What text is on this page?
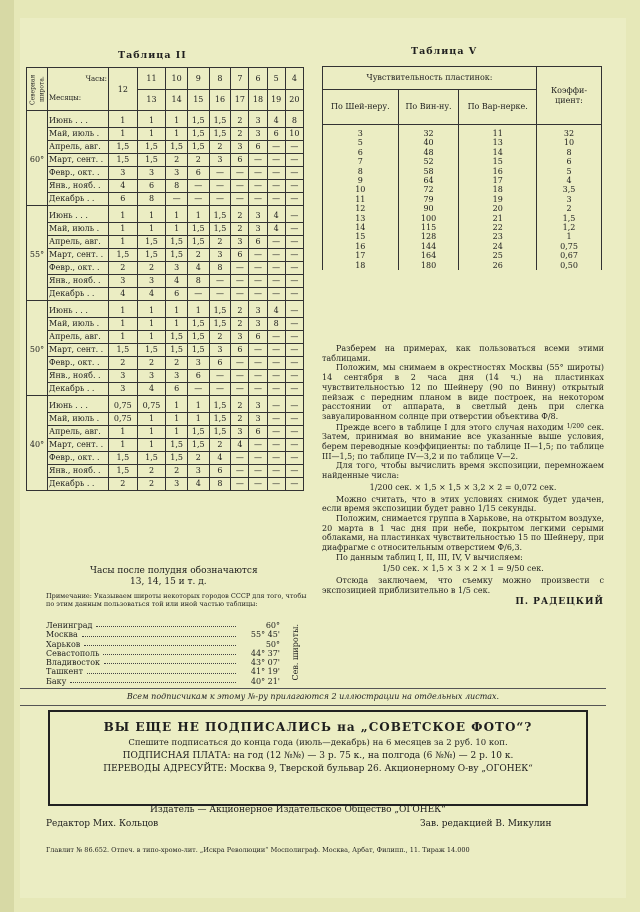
Таблица II	Таблица V
Северная широта.	Часы:
Месяцы:	12	11	10	9	8	7	6	5	4
			13	14	15	16	17	18	19	20
60°	Июнь . . .	1	1	1	1,5	1,5	2	3	4	8
	Май, июль .	1	1	1	1,5	1,5	2	3	6	10
	Апрель, авг.	1,5	1,5	1,5	1,5	2	3	6	—	—
	Март, сент. .	1,5	1,5	2	2	3	6	—	—	—
	Февр., окт. .	3	3	3	6	—	—	—	—	—
	Янв., нояб. .	4	6	8	—	—	—	—	—	—
	Декабрь . .	6	8	—	—	—	—	—	—	—
55°	Июнь . . .	1	1	1	1	1,5	2	3	4	—
	Май, июль .	1	1	1	1,5	1,5	2	3	4	—
	Апрель, авг.	1	1,5	1,5	1,5	2	3	6	—	—
	Март, сент. .	1,5	1,5	1,5	2	3	6	—	—	—
	Февр., окт. .	2	2	3	4	8	—	—	—	—
	Янв., нояб. .	3	3	4	8	—	—	—	—	—
	Декабрь . .	4	4	6	—	—	—	—	—	—
50°	Июнь . . .	1	1	1	1	1,5	2	3	4	—
	Май, июль .	1	1	1	1,5	1,5	2	3	8	—
	Апрель, авг.	1	1	1,5	1,5	2	3	6	—	—
	Март, сент. .	1,5	1,5	1,5	1,5	3	6	—	—	—
	Февр., окт. .	2	2	2	3	6	—	—	—	—
	Янв., нояб. .	3	3	3	6	—	—	—	—	—
	Декабрь . .	3	4	6	—	—	—	—	—	—
40°	Июнь . . .	0,75	0,75	1	1	1,5	2	3	—	—
	Май, июль .	0,75	1	1	1	1,5	2	3	—	—
	Апрель, авг.	1	1	1	1,5	1,5	3	6	—	—
	Март, сент. .	1	1	1,5	1,5	2	4	—	—	—
	Февр., окт. .	1,5	1,5	1,5	2	4	—	—	—	—
	Янв., нояб. .	1,5	2	2	3	6	—	—	—	—
	Декабрь . .	2	2	3	4	8	—	—	—	—
Часы после полудня обозначаются
13, 14, 15 и т. д.
Примечание: Указываем широты некоторых городов СССР для того, чтобы по этим данным пользоваться той или иной частью таблицы:
Ленинград	60°
Москва	55° 45'
Харьков	50°
Севастополь	44° 37'
Владивосток	43° 07'
Ташкент	41° 19'
Баку	40° 21'
Сев. широты.
Чувствительность пластинок:			Коэффи-циент:
По Шей-неру.	По Вин-ну.	По Вар-нерке.	
3	32	11	32
5	40	13	10
6	48	14	8
7	52	15	6
8	58	16	5
9	64	17	4
10	72	18	3,5
11	79	19	3
12	90	20	2
13	100	21	1,5
14	115	22	1,2
15	128	23	1
16	144	24	0,75
17	164	25	0,67
18	180	26	0,50

Разберем на примерах, как пользоваться всеми этими таблицами.

Положим, мы снимаем в окрестностях Москвы (55° широты) 14 сентября в 2 часа дня (14 ч.) на пластинках чувствительностью 12 по Шейнеру (90 по Винну) открытый пейзаж с передним планом в виде построек, на некотором расстоянии от аппарата, в светлый день при слегка завуалированном солнце при отверстии объектива Ф/8.

Прежде всего в таблице I для этого случая находим $^{1/200}$ сек. Затем, принимая во внимание все указанные выше условия, берем переводные коэффициенты: по таблице II—1,5; по таблице III—1,5; по таблице IV—3,2 и по таблице V—2.

Для того, чтобы вычислить время экспозиции, перемножаем найденные числа:

1/200 сек. × 1,5 × 1,5 × 3,2 × 2 = 0,072 сек.

Можно считать, что в этих условиях снимок будет удачен, если время экспозиции будет равно 1/15 секунды.

Положим, снимается группа в Харькове, на открытом воздухе, 20 марта в 1 час дня при небе, покрытом легкими серыми облаками, на пластинках чувствительностью 15 по Шейнеру, при диафрагме с относительным отверстием Ф/6,3.

По данным таблиц I, II, III, IV, V вычисляем:

1/50 сек. × 1,5 × 3 × 2 × 1 = 9/50 сек.

Отсюда заключаем, что съемку можно произвести с экспозицией приблизительно в 1/5 сек.

П. РАДЕЦКИЙ

Всем подписчикам к этому №-ру прилагаются 2 иллюстрации на отдельных листах.
ВЫ ЕЩЕ НЕ ПОДПИСАЛИСЬ на „СОВЕТСКОЕ ФОТО“?
Спешите подписаться до конца года (июль—декабрь) на 6 месяцев за 2 руб. 10 коп.
ПОДПИСНАЯ ПЛАТА: на год (12 №№) — 3 р. 75 к., на полгода (6 №№) — 2 р. 10 к.
ПЕРЕВОДЫ АДРЕСУЙТЕ: Москва 9, Тверской бульвар 26. Акционерному О-ву „ОГОНЕК“
Издатель — Акционерное Издательское Общество „ОГОНЕК“
Редактор Мих. Кольцов	Зав. редакцией В. Микулин
Главлит № 86.652. Отпеч. в типо-хромо-лит. „Искра Революции“ Мосполиграф. Москва, Арбат, Филипп., 11. Тираж 14.000
